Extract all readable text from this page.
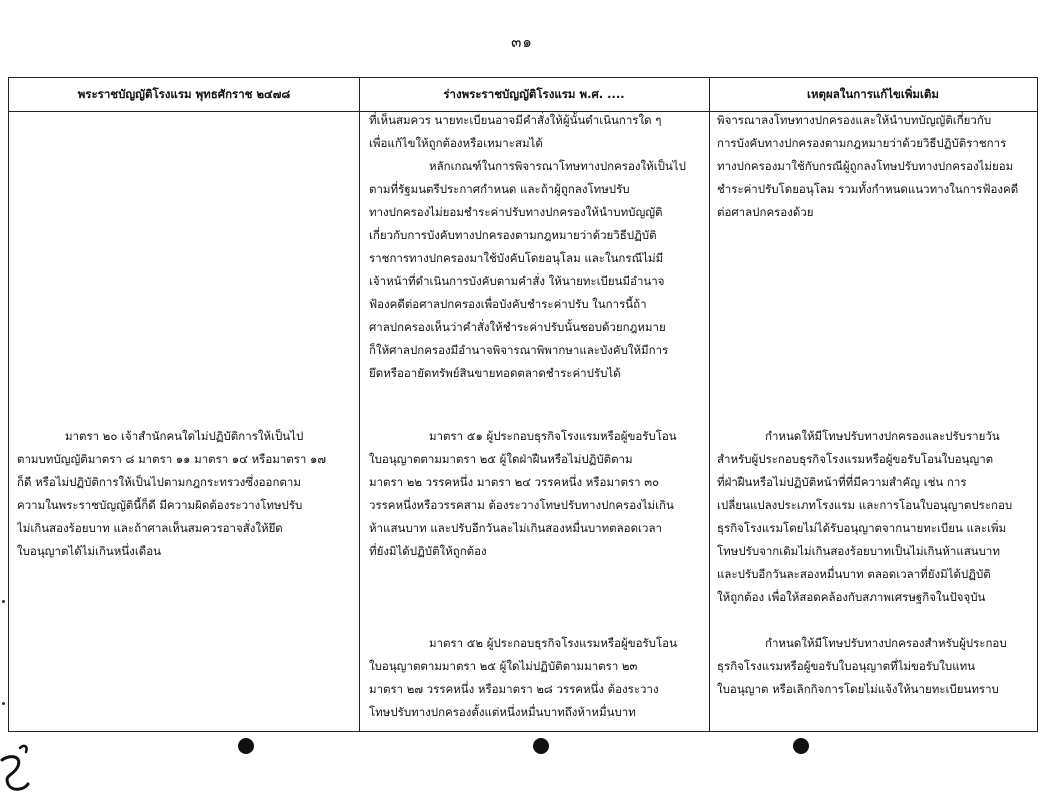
๓๑
พระราชบัญญัติโรงแรม พุทธศักราช ๒๔๗๘	ร่างพระราชบัญญัติโรงแรม พ.ศ. ....	เหตุผลในการแก้ไขเพิ่มเติม

มาตรา ๒๐ เจ้าสำนักคนใดไม่ปฏิบัติการให้เป็นไป

ตามบทบัญญัติมาตรา ๘ มาตรา ๑๑ มาตรา ๑๔ หรือมาตรา ๑๗

ก็ดี หรือไม่ปฏิบัติการให้เป็นไปตามกฎกระทรวงซึ่งออกตาม

ความในพระราชบัญญัตินี้ก็ดี มีความผิดต้องระวางโทษปรับ

ไม่เกินสองร้อยบาท และถ้าศาลเห็นสมควรอาจสั่งให้ยึด

ใบอนุญาตได้ไม่เกินหนึ่งเดือน

ที่เห็นสมควร นายทะเบียนอาจมีคำสั่งให้ผู้นั้นดำเนินการใด ๆ

เพื่อแก้ไขให้ถูกต้องหรือเหมาะสมได้

หลักเกณฑ์ในการพิจารณาโทษทางปกครองให้เป็นไป

ตามที่รัฐมนตรีประกาศกำหนด และถ้าผู้ถูกลงโทษปรับ

ทางปกครองไม่ยอมชำระค่าปรับทางปกครองให้นำบทบัญญัติ

เกี่ยวกับการบังคับทางปกครองตามกฎหมายว่าด้วยวิธีปฏิบัติ

ราชการทางปกครองมาใช้บังคับโดยอนุโลม และในกรณีไม่มี

เจ้าหน้าที่ดำเนินการบังคับตามคำสั่ง ให้นายทะเบียนมีอำนาจ

ฟ้องคดีต่อศาลปกครองเพื่อบังคับชำระค่าปรับ ในการนี้ถ้า

ศาลปกครองเห็นว่าคำสั่งให้ชำระค่าปรับนั้นชอบด้วยกฎหมาย

ก็ให้ศาลปกครองมีอำนาจพิจารณาพิพากษาและบังคับให้มีการ

ยึดหรืออายัดทรัพย์สินขายทอดตลาดชำระค่าปรับได้

มาตรา ๕๑ ผู้ประกอบธุรกิจโรงแรมหรือผู้ขอรับโอน

ใบอนุญาตตามมาตรา ๒๕ ผู้ใดฝ่าฝืนหรือไม่ปฏิบัติตาม

มาตรา ๒๒ วรรคหนึ่ง มาตรา ๒๔ วรรคหนึ่ง หรือมาตรา ๓๐

วรรคหนึ่งหรือวรรคสาม ต้องระวางโทษปรับทางปกครองไม่เกิน

ห้าแสนบาท และปรับอีกวันละไม่เกินสองหมื่นบาทตลอดเวลา

ที่ยังมิได้ปฏิบัติให้ถูกต้อง

มาตรา ๕๒ ผู้ประกอบธุรกิจโรงแรมหรือผู้ขอรับโอน

ใบอนุญาตตามมาตรา ๒๕ ผู้ใดไม่ปฏิบัติตามมาตรา ๒๓

มาตรา ๒๗ วรรคหนึ่ง หรือมาตรา ๒๘ วรรคหนึ่ง ต้องระวาง

โทษปรับทางปกครองตั้งแต่หนึ่งหมื่นบาทถึงห้าหมื่นบาท

พิจารณาลงโทษทางปกครองและให้นำบทบัญญัติเกี่ยวกับ

การบังคับทางปกครองตามกฎหมายว่าด้วยวิธีปฏิบัติราชการ

ทางปกครองมาใช้กับกรณีผู้ถูกลงโทษปรับทางปกครองไม่ยอม

ชำระค่าปรับโดยอนุโลม รวมทั้งกำหนดแนวทางในการฟ้องคดี

ต่อศาลปกครองด้วย

กำหนดให้มีโทษปรับทางปกครองและปรับรายวัน

สำหรับผู้ประกอบธุรกิจโรงแรมหรือผู้ขอรับโอนใบอนุญาต

ที่ฝ่าฝืนหรือไม่ปฏิบัติหน้าที่ที่มีความสำคัญ เช่น การ

เปลี่ยนแปลงประเภทโรงแรม และการโอนใบอนุญาตประกอบ

ธุรกิจโรงแรมโดยไม่ได้รับอนุญาตจากนายทะเบียน และเพิ่ม

โทษปรับจากเดิมไม่เกินสองร้อยบาทเป็นไม่เกินห้าแสนบาท

และปรับอีกวันละสองหมื่นบาท ตลอดเวลาที่ยังมิได้ปฏิบัติ

ให้ถูกต้อง เพื่อให้สอดคล้องกับสภาพเศรษฐกิจในปัจจุบัน

กำหนดให้มีโทษปรับทางปกครองสำหรับผู้ประกอบ

ธุรกิจโรงแรมหรือผู้ขอรับใบอนุญาตที่ไม่ขอรับใบแทน

ใบอนุญาต หรือเลิกกิจการโดยไม่แจ้งให้นายทะเบียนทราบ
